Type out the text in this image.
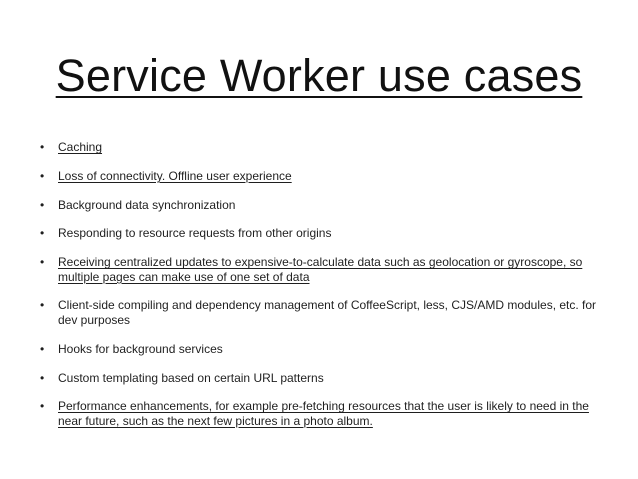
Service Worker use cases
• Caching
• Loss of connectivity. Offline user experience
• Background data synchronization
• Responding to resource requests from other origins
• Receiving centralized updates to expensive-to-calculate data such as geolocation or gyroscope, so multiple pages can make use of one set of data
• Client-side compiling and dependency management of CoffeeScript, less, CJS/AMD modules, etc. for dev purposes
• Hooks for background services
• Custom templating based on certain URL patterns
• Performance enhancements, for example pre-fetching resources that the user is likely to need in the near future, such as the next few pictures in a photo album.
